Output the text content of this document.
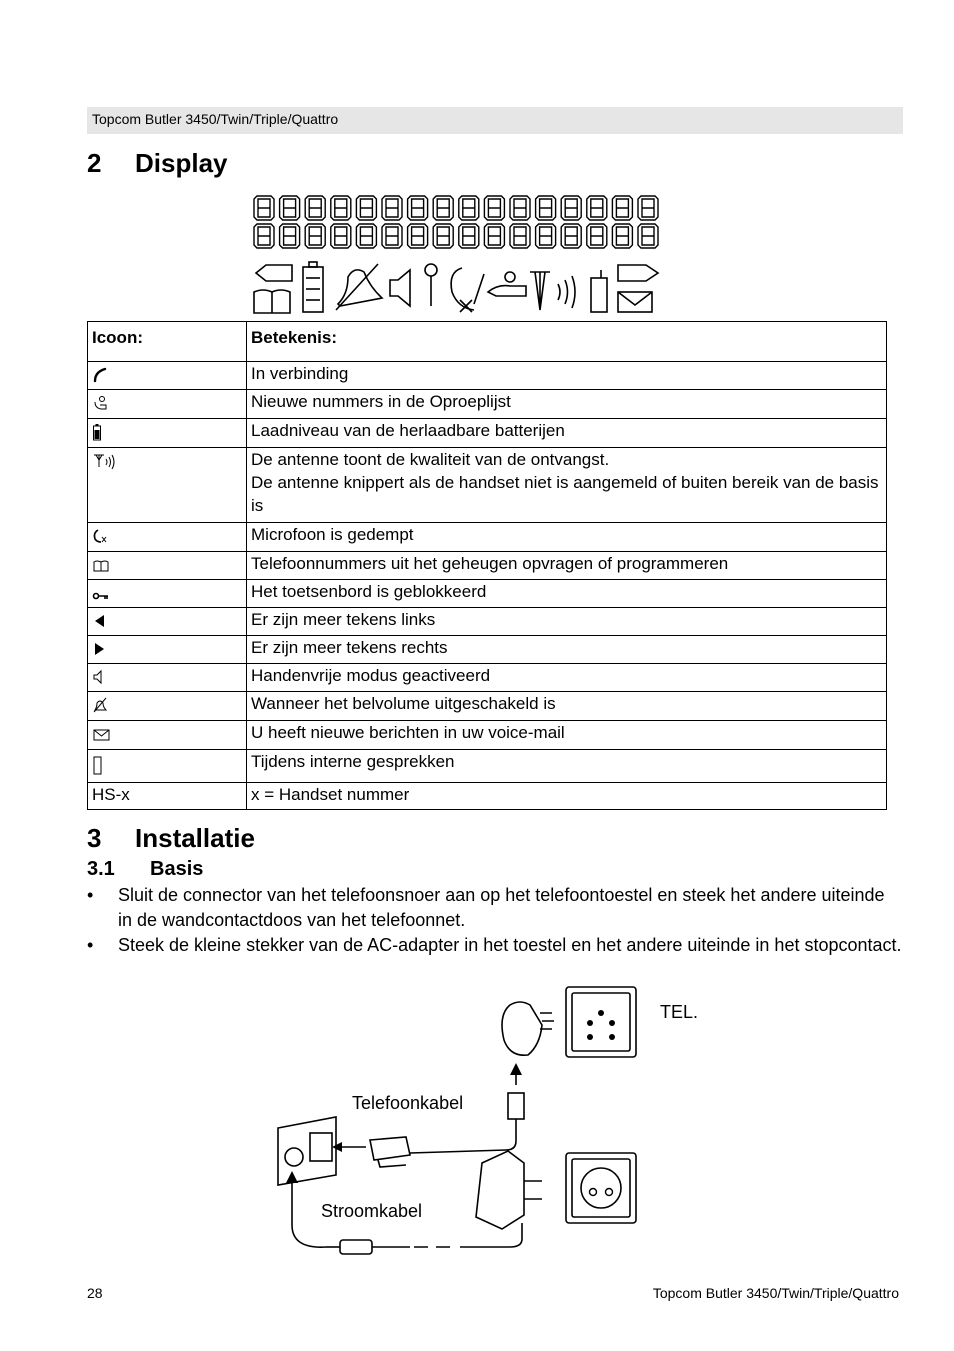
Topcom Butler 3450/Twin/Triple/Quattro
2 Display
Icoon:	Betekenis:
	In verbinding
	Nieuwe nummers in de Oproeplijst
	Laadniveau van de herlaadbare batterijen
	De antenne toont de kwaliteit van de ontvangst.
De antenne knippert als de handset niet is aangemeld of buiten bereik van de basis is
	Microfoon is gedempt
	Telefoonnummers uit het geheugen opvragen of programmeren
	Het toetsenbord is geblokkeerd
	Er zijn meer tekens links
	Er zijn meer tekens rechts
	Handenvrije modus geactiveerd
	Wanneer het belvolume uitgeschakeld is
	U heeft nieuwe berichten in uw voice-mail
	Tijdens interne gesprekken
HS-x	x = Handset nummer
3 Installatie
3.1 Basis
• Sluit de connector van het telefoonsnoer aan op het telefoontoestel en steek het andere uiteinde in de wandcontactdoos van het telefoonnet.
• Steek de kleine stekker van de AC-adapter in het toestel en het andere uiteinde in het stopcontact.
TEL.
Telefoonkabel
Stroomkabel
28	Topcom Butler 3450/Twin/Triple/Quattro
